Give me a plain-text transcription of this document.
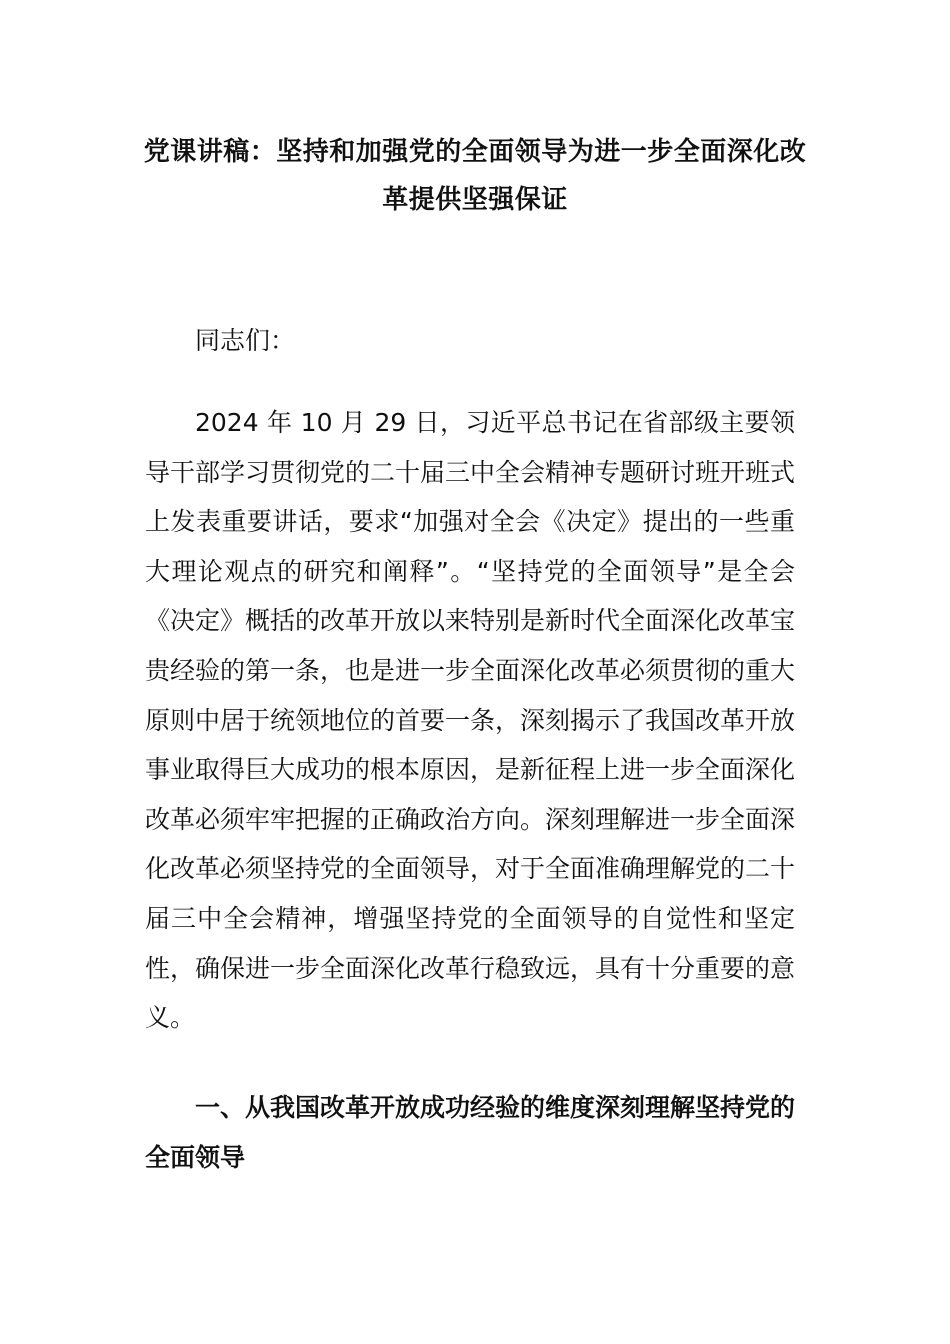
党课讲稿：坚持和加强党的全面领导为进一步全面深化改
革提供坚强保证
同志们：
2024 年 10 月 29 日，习近平总书记在省部级主要领导干部学习贯彻党的二十届三中全会精神专题研讨班开班式上发表重要讲话，要求“加强对全会《决定》提出的一些重大理论观点的研究和阐释”。“坚持党的全面领导”是全会《决定》概括的改革开放以来特别是新时代全面深化改革宝贵经验的第一条，也是进一步全面深化改革必须贯彻的重大原则中居于统领地位的首要一条，深刻揭示了我国改革开放事业取得巨大成功的根本原因，是新征程上进一步全面深化改革必须牢牢把握的正确政治方向。深刻理解进一步全面深化改革必须坚持党的全面领导，对于全面准确理解党的二十届三中全会精神，增强坚持党的全面领导的自觉性和坚定性，确保进一步全面深化改革行稳致远，具有十分重要的意义。
一、从我国改革开放成功经验的维度深刻理解坚持党的全面领导
